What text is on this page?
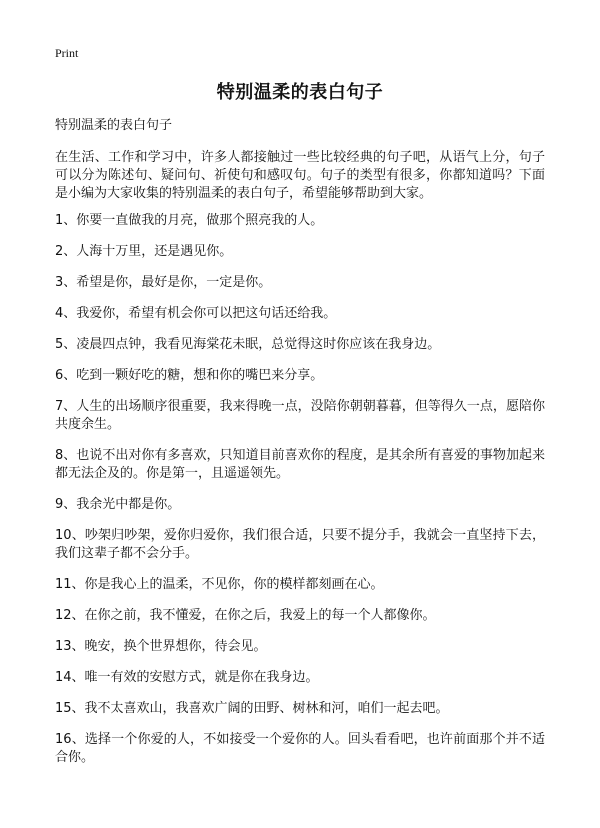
Print

特别温柔的表白句子

特别温柔的表白句子

在生活、工作和学习中，许多人都接触过一些比较经典的句子吧，从语气上分，句子可以分为陈述句、疑问句、祈使句和感叹句。句子的类型有很多，你都知道吗？下面是小编为大家收集的特别温柔的表白句子，希望能够帮助到大家。

1、你要一直做我的月亮，做那个照亮我的人。
2、人海十万里，还是遇见你。
3、希望是你，最好是你，一定是你。
4、我爱你，希望有机会你可以把这句话还给我。
5、凌晨四点钟，我看见海棠花未眠，总觉得这时你应该在我身边。
6、吃到一颗好吃的糖，想和你的嘴巴来分享。
7、人生的出场顺序很重要，我来得晚一点，没陪你朝朝暮暮，但等得久一点，愿陪你共度余生。
8、也说不出对你有多喜欢，只知道目前喜欢你的程度，是其余所有喜爱的事物加起来都无法企及的。你是第一，且遥遥领先。
9、我余光中都是你。
10、吵架归吵架，爱你归爱你，我们很合适，只要不提分手，我就会一直坚持下去，我们这辈子都不会分手。
11、你是我心上的温柔，不见你，你的模样都刻画在心。
12、在你之前，我不懂爱，在你之后，我爱上的每一个人都像你。
13、晚安，换个世界想你，待会见。
14、唯一有效的安慰方式，就是你在我身边。
15、我不太喜欢山，我喜欢广阔的田野、树林和河，咱们一起去吧。
16、选择一个你爱的人，不如接受一个爱你的人。回头看看吧，也许前面那个并不适合你。
